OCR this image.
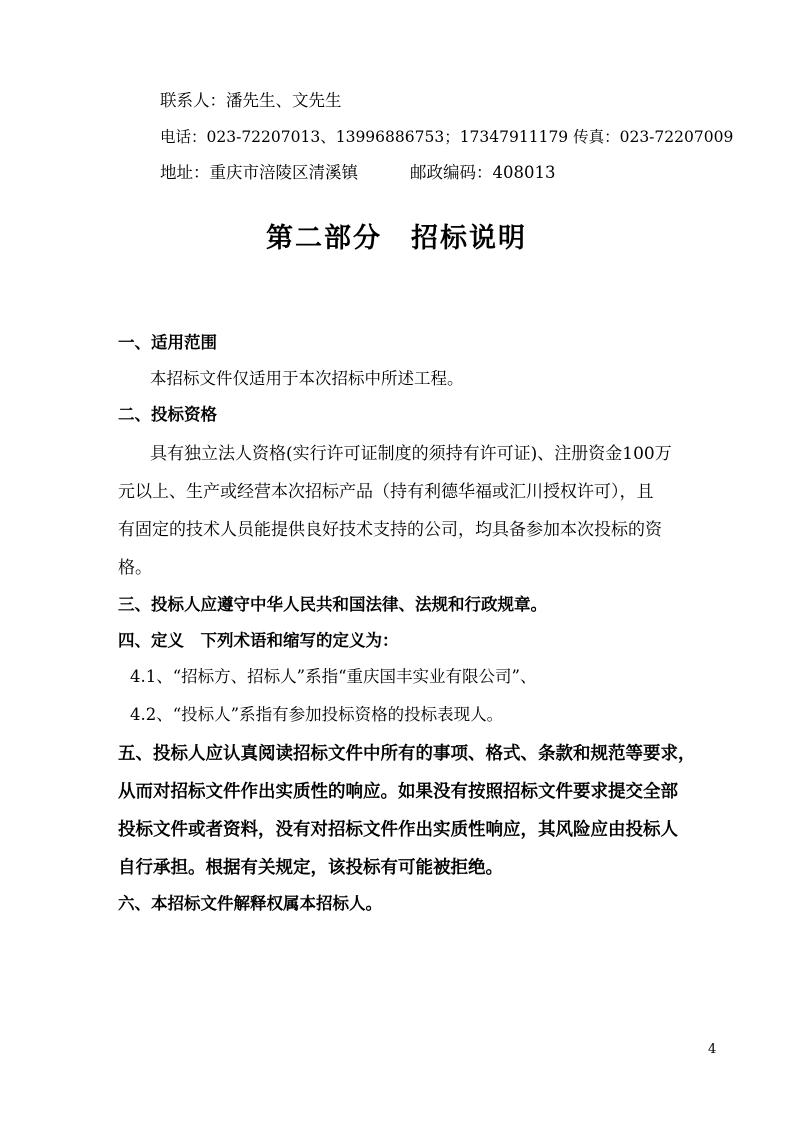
联系人：潘先生、文先生
电话：023-72207013、13996886753；17347911179 传真：023-72207009
地址：重庆市涪陵区清溪镇	邮政编码：408013
第二部分　招标说明
一、适用范围
本招标文件仅适用于本次招标中所述工程。
二、投标资格
具有独立法人资格(实行许可证制度的须持有许可证)、注册资金100万
元以上、生产或经营本次招标产品（持有利德华福或汇川授权许可），且
有固定的技术人员能提供良好技术支持的公司，均具备参加本次投标的资
格。
三、投标人应遵守中华人民共和国法律、法规和行政规章。
四、定义　下列术语和缩写的定义为：
4.1、“招标方、招标人”系指“重庆国丰实业有限公司”、
4.2、“投标人”系指有参加投标资格的投标表现人。
五、投标人应认真阅读招标文件中所有的事项、格式、条款和规范等要求，
从而对招标文件作出实质性的响应。如果没有按照招标文件要求提交全部
投标文件或者资料，没有对招标文件作出实质性响应，其风险应由投标人
自行承担。根据有关规定，该投标有可能被拒绝。
六、本招标文件解释权属本招标人。
4
